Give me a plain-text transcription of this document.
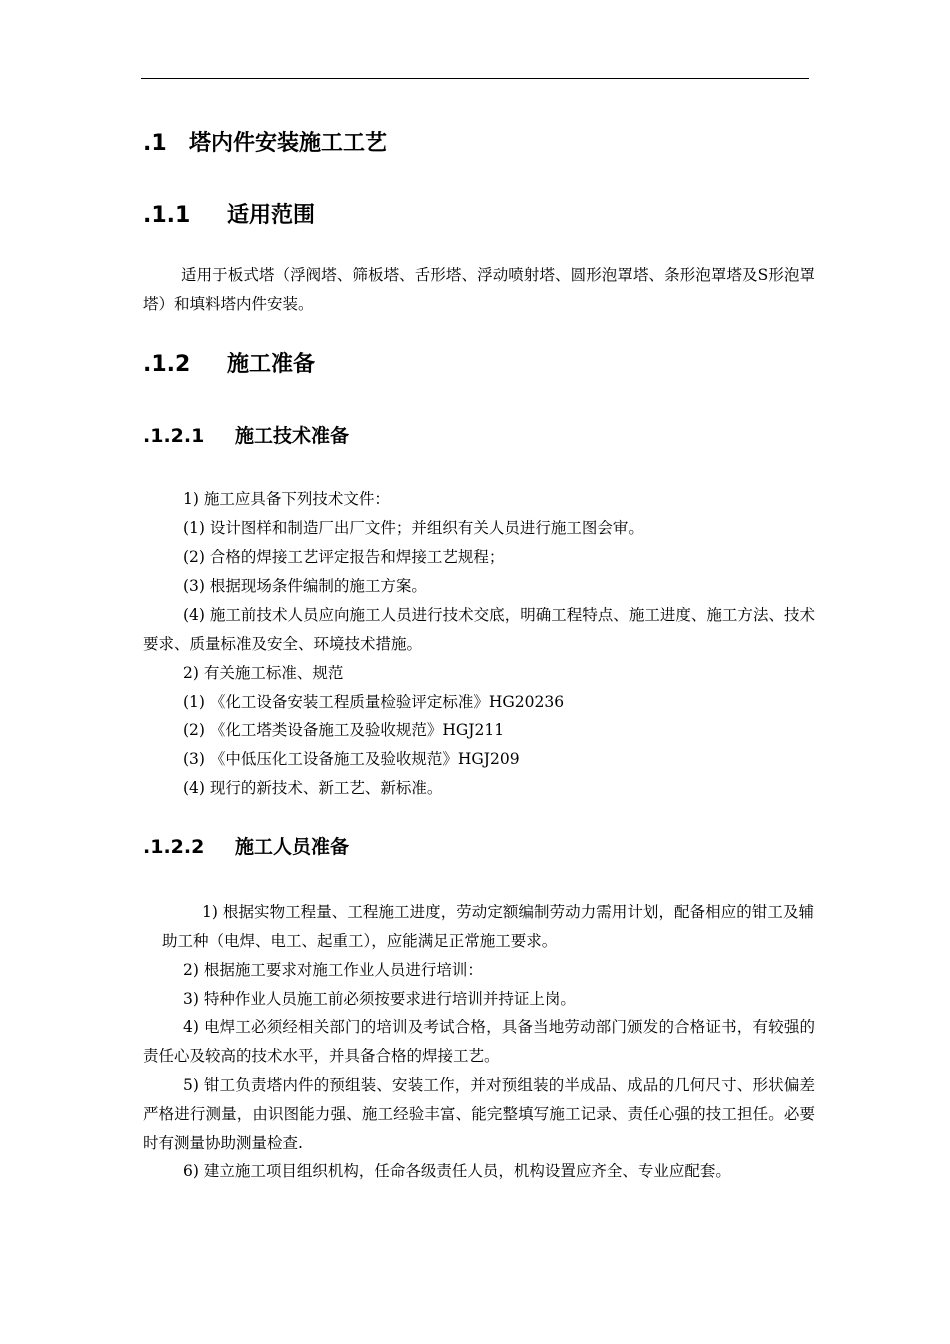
.1 塔内件安装施工工艺
.1.1 适用范围
适用于板式塔（浮阀塔、筛板塔、舌形塔、浮动喷射塔、圆形泡罩塔、条形泡罩塔及S形泡罩塔）和填料塔内件安装。
.1.2 施工准备
.1.2.1 施工技术准备
1) 施工应具备下列技术文件：
(1) 设计图样和制造厂出厂文件；并组织有关人员进行施工图会审。
(2) 合格的焊接工艺评定报告和焊接工艺规程；
(3) 根据现场条件编制的施工方案。
(4) 施工前技术人员应向施工人员进行技术交底，明确工程特点、施工进度、施工方法、技术要求、质量标准及安全、环境技术措施。
2) 有关施工标准、规范
(1) 《化工设备安装工程质量检验评定标准》HG20236
(2) 《化工塔类设备施工及验收规范》HGJ211
(3) 《中低压化工设备施工及验收规范》HGJ209
(4) 现行的新技术、新工艺、新标准。
.1.2.2 施工人员准备
1) 根据实物工程量、工程施工进度，劳动定额编制劳动力需用计划，配备相应的钳工及辅助工种（电焊、电工、起重工），应能满足正常施工要求。
2) 根据施工要求对施工作业人员进行培训：
3) 特种作业人员施工前必须按要求进行培训并持证上岗。
4) 电焊工必须经相关部门的培训及考试合格，具备当地劳动部门颁发的合格证书，有较强的责任心及较高的技术水平，并具备合格的焊接工艺。
5) 钳工负责塔内件的预组装、安装工作，并对预组装的半成品、成品的几何尺寸、形状偏差严格进行测量，由识图能力强、施工经验丰富、能完整填写施工记录、责任心强的技工担任。必要时有测量协助测量检查.
6) 建立施工项目组织机构，任命各级责任人员，机构设置应齐全、专业应配套。
